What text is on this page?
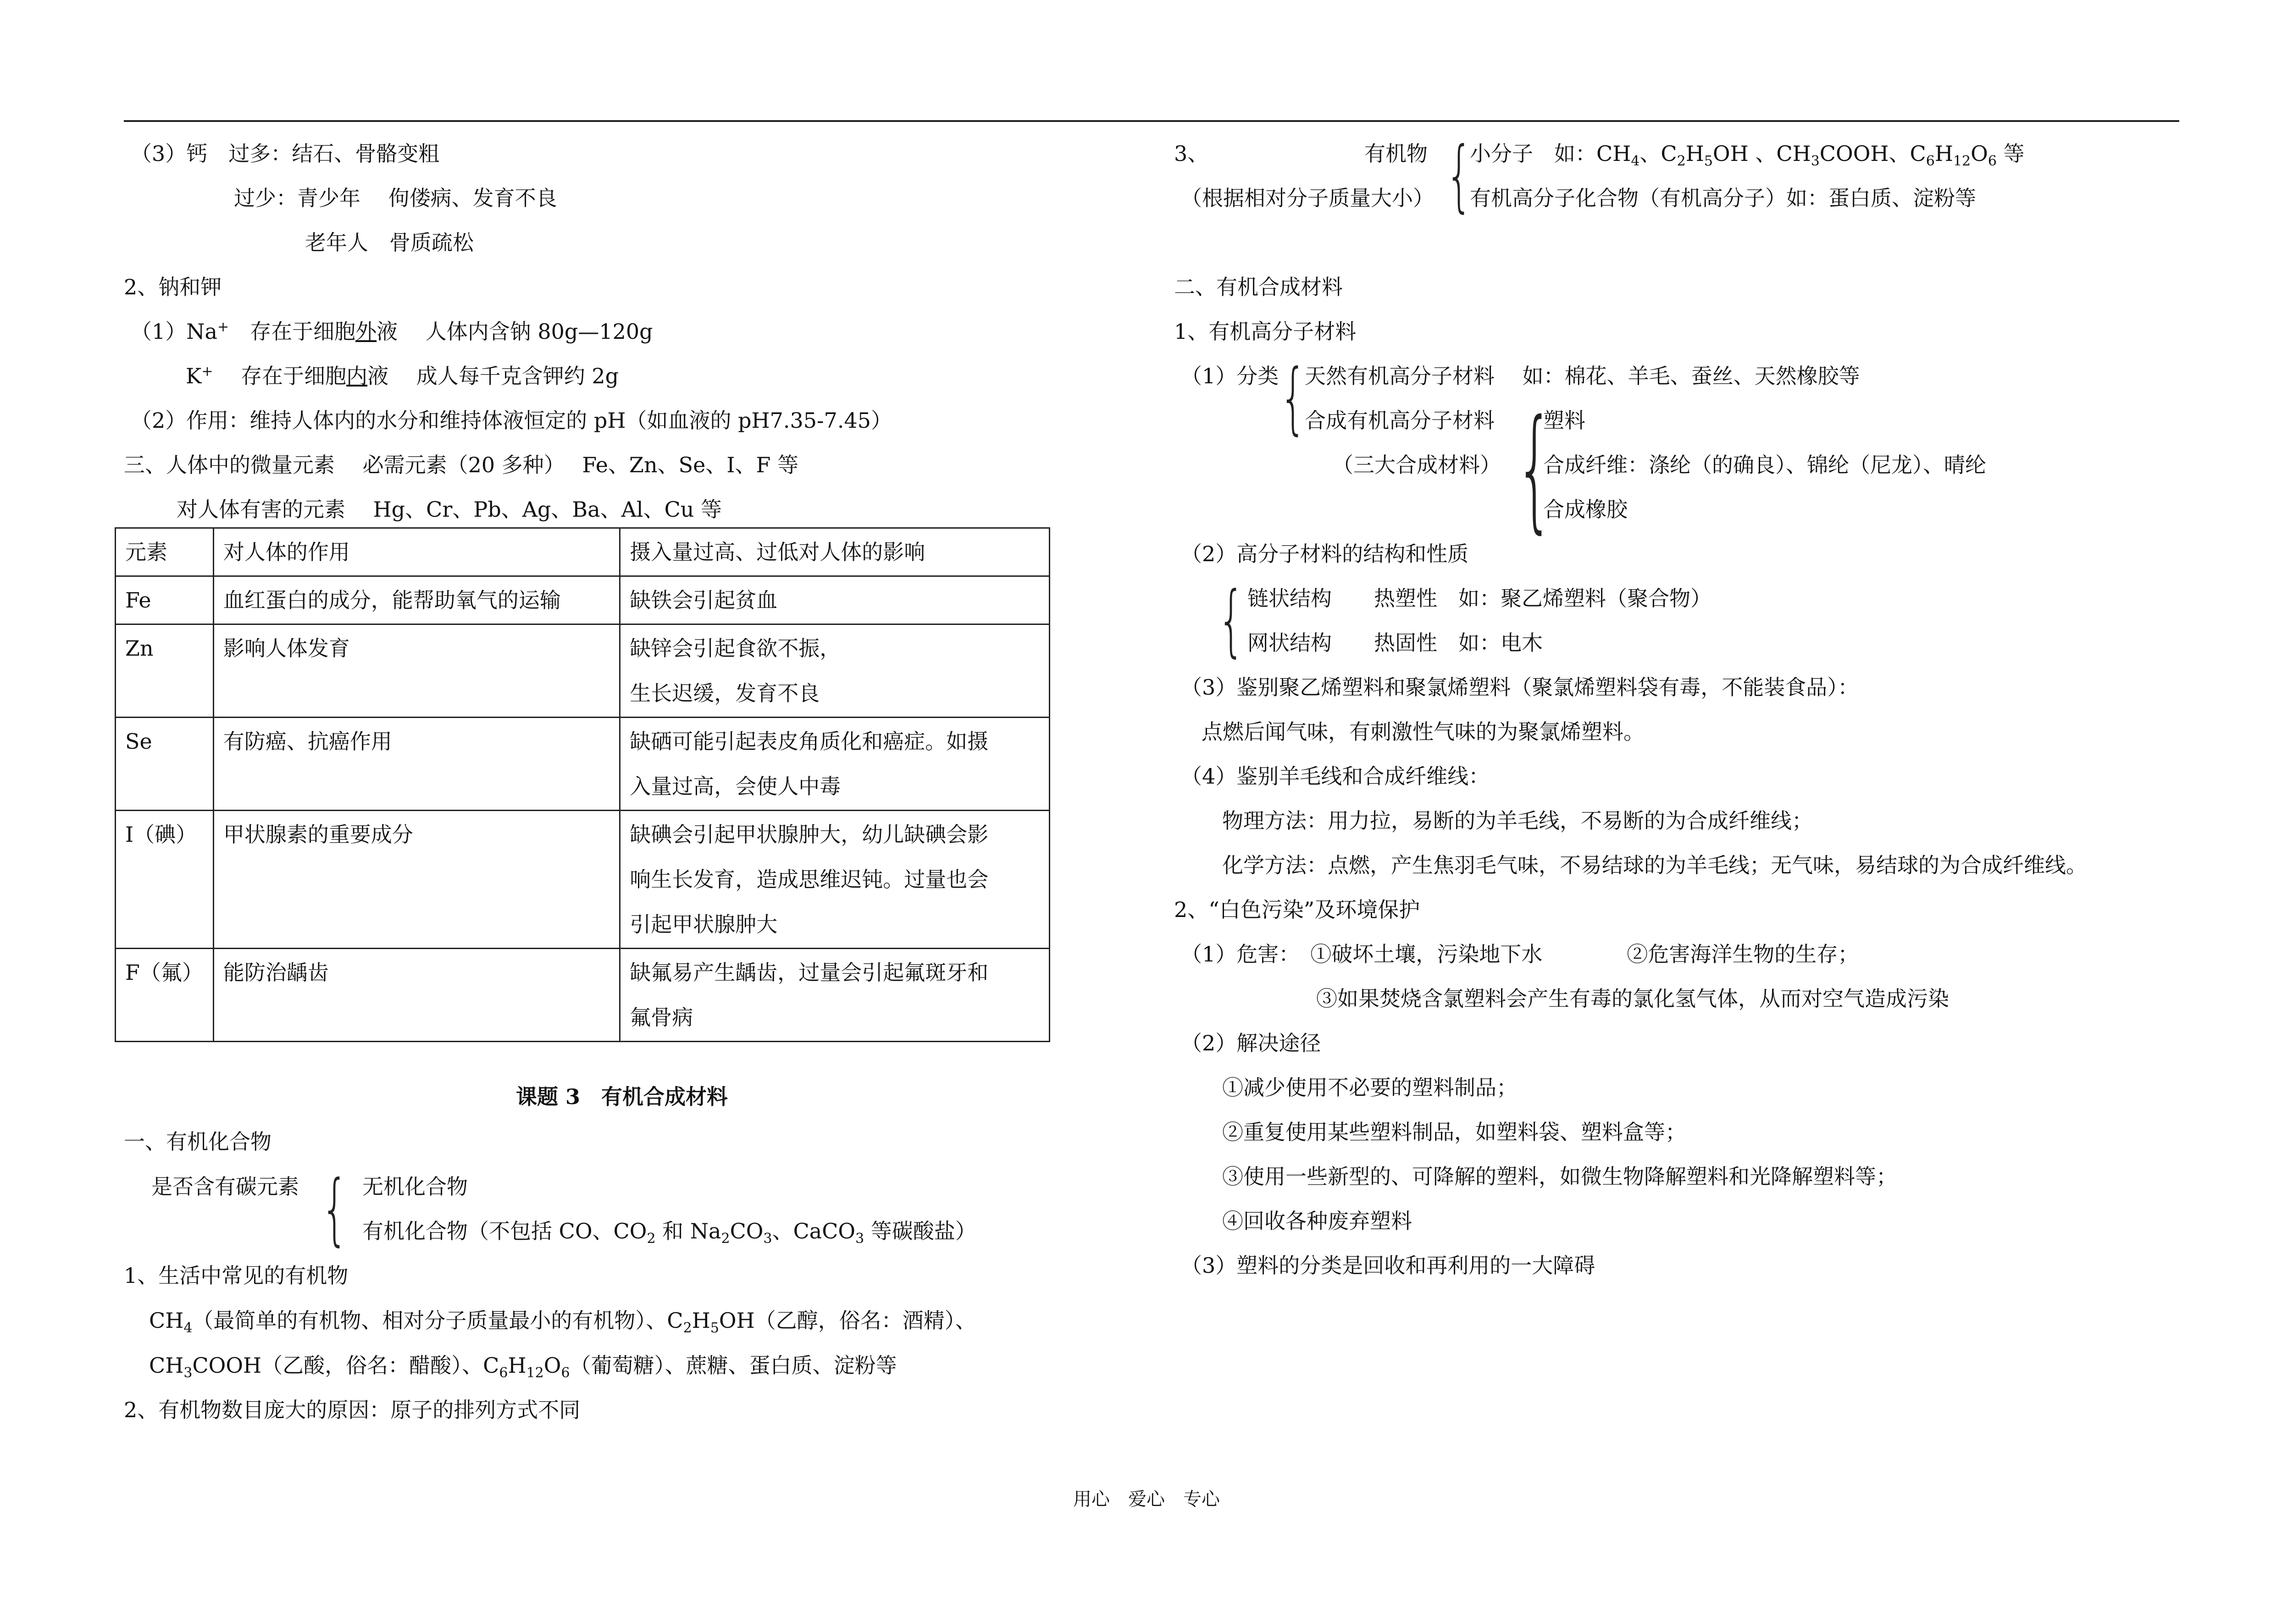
（3）钙　 过多：结石、骨骼变粗
过少：青少年　 佝偻病、发育不良
老年人　 骨质疏松
2、钠和钾
（1）Na+　 存在于细胞外液　 人体内含钠 80g—120g
K+　 存在于细胞内液　 成人每千克含钾约 2g
（2）作用：维持人体内的水分和维持体液恒定的 pH（如血液的 pH7.35-7.45）
三、人体中的微量元素　 必需元素（20 多种）　 Fe、Zn、Se、I、F 等
对人体有害的元素　 Hg、Cr、Pb、Ag、Ba、Al、Cu 等
元素	对人体的作用	摄入量过高、过低对人体的影响
Fe	血红蛋白的成分，能帮助氧气的运输	缺铁会引起贫血
Zn	影响人体发育	缺锌会引起食欲不振，
生长迟缓，发育不良
Se	有防癌、抗癌作用	缺硒可能引起表皮角质化和癌症。如摄
入量过高，会使人中毒
I（碘）	甲状腺素的重要成分	缺碘会引起甲状腺肿大，幼儿缺碘会影
响生长发育，造成思维迟钝。过量也会
引起甲状腺肿大
F（氟）	能防治龋齿	缺氟易产生龋齿，过量会引起氟斑牙和
氟骨病
课题 3　有机合成材料
一、有机化合物
是否含有碳元素 { 无机化合物
有机化合物（不包括 CO、$CO_2$ 和 $Na_2CO_3$、CaCO$_3$ 等碳酸盐）
1、生活中常见的有机物
$CH_4$（最简单的有机物、相对分子质量最小的有机物）、$C_2H_5OH$（乙醇，俗名：酒精）、
$CH_3COOH$（乙酸，俗名：醋酸）、$C_6H_{12}O_6$（葡萄糖）、蔗糖、蛋白质、淀粉等
2、有机物数目庞大的原因：原子的排列方式不同
3、	有机物
（根据相对分子质量大小） {
小分子　如：$CH_4$、$C_2H_5OH$ 、$CH_3COOH$、$C_6H_{12}O_6$ 等
有机高分子化合物（有机高分子）如：蛋白质、淀粉等
二、有机合成材料
1、有机高分子材料
（1）分类 {
天然有机高分子材料　 如：棉花、羊毛、蚕丝、天然橡胶等
合成有机高分子材料
（三大合成材料） {
塑料
合成纤维：涤纶（的确良）、锦纶（尼龙）、晴纶
合成橡胶
（2）高分子材料的结构和性质
{ 链状结构　　热塑性　如：聚乙烯塑料（聚合物）
网状结构　　热固性　如：电木
（3）鉴别聚乙烯塑料和聚氯烯塑料（聚氯烯塑料袋有毒，不能装食品）：
点燃后闻气味，有刺激性气味的为聚氯烯塑料。
（4）鉴别羊毛线和合成纤维线：
物理方法：用力拉，易断的为羊毛线，不易断的为合成纤维线；
化学方法：点燃，产生焦羽毛气味，不易结球的为羊毛线；无气味，易结球的为合成纤维线。
2、“白色污染”及环境保护
（1）危害：　 ①破坏土壤，污染地下水　　　　	②危害海洋生物的生存；
③如果焚烧含氯塑料会产生有毒的氯化氢气体，从而对空气造成污染
（2）解决途径
①减少使用不必要的塑料制品；
②重复使用某些塑料制品，如塑料袋、塑料盒等；
③使用一些新型的、可降解的塑料，如微生物降解塑料和光降解塑料等；
④回收各种废弃塑料
（3）塑料的分类是回收和再利用的一大障碍
用心　爱心　专心
